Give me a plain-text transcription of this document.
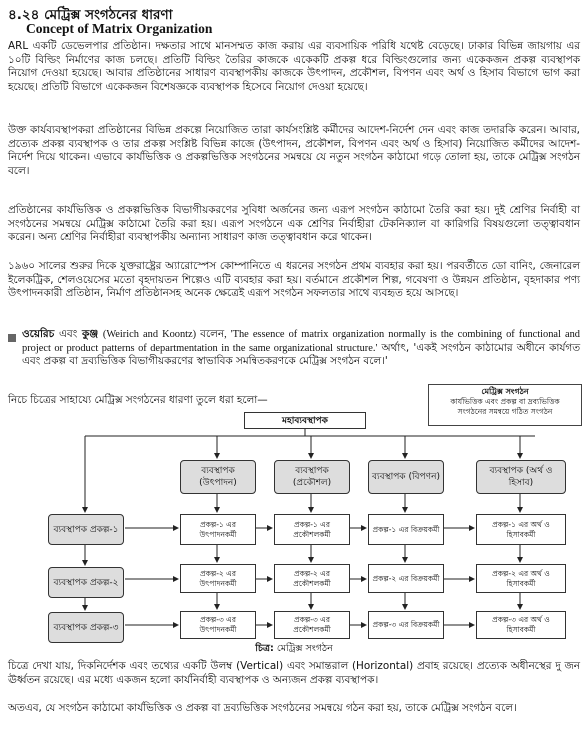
৪.২৪ মেট্রিক্স সংগঠনের ধারণা
Concept of Matrix Organization
ARL একটি ডেভেলপার প্রতিষ্ঠান। দক্ষতার সাথে মানসম্মত কাজ করায় এর ব্যবসায়িক পরিধি যথেষ্ট বেড়েছে। ঢাকার বিভিন্ন জায়গায় এর ১০টি বিল্ডিং নির্মাণের কাজ চলছে। প্রতিটি বিল্ডিং তৈরির কাজকে একেকটি প্রকল্প ধরে বিল্ডিংগুলোর জন্য একেকজন প্রকল্প ব্যবস্থাপক নিয়োগ দেওয়া হয়েছে। আবার প্রতিষ্ঠানের সাধারণ ব্যবস্থাপকীয় কাজকে উৎপাদন, প্রকৌশল, বিপণন এবং অর্থ ও হিসাব বিভাগে ভাগ করা হয়েছে। প্রতিটি বিভাগে একেকজন বিশেষজ্ঞকে ব্যবস্থাপক হিসেবে নিয়োগ দেওয়া হয়েছে।
উক্ত কার্যব্যবস্থাপকরা প্রতিষ্ঠানের বিভিন্ন প্রকল্পে নিয়োজিত তারা কার্যসংশ্লিষ্ট কর্মীদের আদেশ-নির্দেশ দেন এবং কাজ তদারকি করেন। আবার, প্রত্যেক প্রকল্প ব্যবস্থাপক ও তার প্রকল্প সংশ্লিষ্ট বিভিন্ন কাজে (উৎপাদন, প্রকৌশল, বিপণন এবং অর্থ ও হিসাব) নিয়োজিত কর্মীদের আদেশ-নির্দেশ দিয়ে থাকেন। এভাবে কার্যভিত্তিক ও প্রকল্পভিত্তিক সংগঠনের সমন্বয়ে যে নতুন সংগঠন কাঠামো গড়ে তোলা হয়, তাকে মেট্রিক্স সংগঠন বলে।
প্রতিষ্ঠানের কার্যভিত্তিক ও প্রকল্পভিত্তিক বিভাগীয়করণের সুবিধা অর্জনের জন্য এরূপ সংগঠন কাঠামো তৈরি করা হয়। দুই শ্রেণির নির্বাহী বা সংগঠনের সমন্বয়ে মেট্রিক্স কাঠামো তৈরি করা হয়। এরূপ সংগঠনে এক শ্রেণির নির্বাহীরা টেকনিক্যাল বা কারিগরি বিষয়গুলো তত্ত্বাবধান করেন। অন্য শ্রেণির নির্বাহীরা ব্যবস্থাপকীয় অন্যান্য সাধারণ কাজ তত্ত্বাবধান করে থাকেন।
১৯৬০ সালের শুরুর দিকে যুক্তরাষ্ট্রের অ্যারোস্পেস কোম্পানিতে এ ধরনের সংগঠন প্রথম ব্যবহার করা হয়। পরবর্তীতে ডো বানিং, জেনারেল ইলেকট্রিক, শেলওয়েসের মতো বৃহদায়তন শিল্পেও এটি ব্যবহার করা হয়। বর্তমানে প্রকৌশল শিল্প, গবেষণা ও উন্নয়ন প্রতিষ্ঠান, বৃহদাকার পণ্য উৎপাদনকারী প্রতিষ্ঠান, নির্মাণ প্রতিষ্ঠানসহ অনেক ক্ষেত্রেই এরূপ সংগঠন সফলতার সাথে ব্যবহৃত হয়ে আসছে।
ওয়েরিচ এবং কুঞ্জ (Weirich and Koontz) বলেন, 'The essence of matrix organization normally is the combining of functional and project or product patterns of departmentation in the same organizational structure.' অর্থাৎ, 'একই সংগঠন কাঠামোর অধীনে কার্যগত এবং প্রকল্প বা দ্রব্যভিত্তিক বিভাগীয়করণের স্বাভাবিক সমন্বিতকরণকে মেট্রিক্স সংগঠন বলে।'
নিচে চিত্রের সাহায্যে মেট্রিক্স সংগঠনের ধারণা তুলে ধরা হলো—
মেট্রিক্স সংগঠন
কার্যভিত্তিক এবং প্রকল্প বা দ্রব্যভিত্তিক
সংগঠনের সমন্বয়ে গঠিত সংগঠন
মহাব্যবস্থাপক
ব্যবস্থাপক (উৎপাদন)
ব্যবস্থাপক (প্রকৌশল)
ব্যবস্থাপক (বিপণন)
ব্যবস্থাপক (অর্থ ও হিসাব)
ব্যবস্থাপক প্রকল্প-১
ব্যবস্থাপক প্রকল্প-২
ব্যবস্থাপক প্রকল্প-৩
প্রকল্প-১ এর উৎপাদনকর্মী
প্রকল্প-১ এর প্রকৌশলকর্মী
প্রকল্প-১ এর বিক্রয়কর্মী
প্রকল্প-১ এর অর্থ ও হিসাবকর্মী
প্রকল্প-২ এর উৎপাদনকর্মী
প্রকল্প-২ এর প্রকৌশলকর্মী
প্রকল্প-২ এর বিক্রয়কর্মী
প্রকল্প-২ এর অর্থ ও হিসাবকর্মী
প্রকল্প-৩ এর উৎপাদনকর্মী
প্রকল্প-৩ এর প্রকৌশলকর্মী
প্রকল্প-৩ এর বিক্রয়কর্মী
প্রকল্প-৩ এর অর্থ ও হিসাবকর্মী
চিত্র: মেট্রিক্স সংগঠন
চিত্রে দেখা যায়, দিকনির্দেশক এবং তথ্যের একটি উলম্ব (Vertical) এবং সমান্তরাল (Horizontal) প্রবাহ রয়েছে। প্রত্যেক অধীনস্থের দু জন ঊর্ধ্বতন রয়েছে। এর মধ্যে একজন হলো কার্যনির্বাহী ব্যবস্থাপক ও অন্যজন প্রকল্প ব্যবস্থাপক।
অতএব, যে সংগঠন কাঠামো কার্যভিত্তিক ও প্রকল্প বা দ্রব্যভিত্তিক সংগঠনের সমন্বয়ে গঠন করা হয়, তাকে মেট্রিক্স সংগঠন বলে।
